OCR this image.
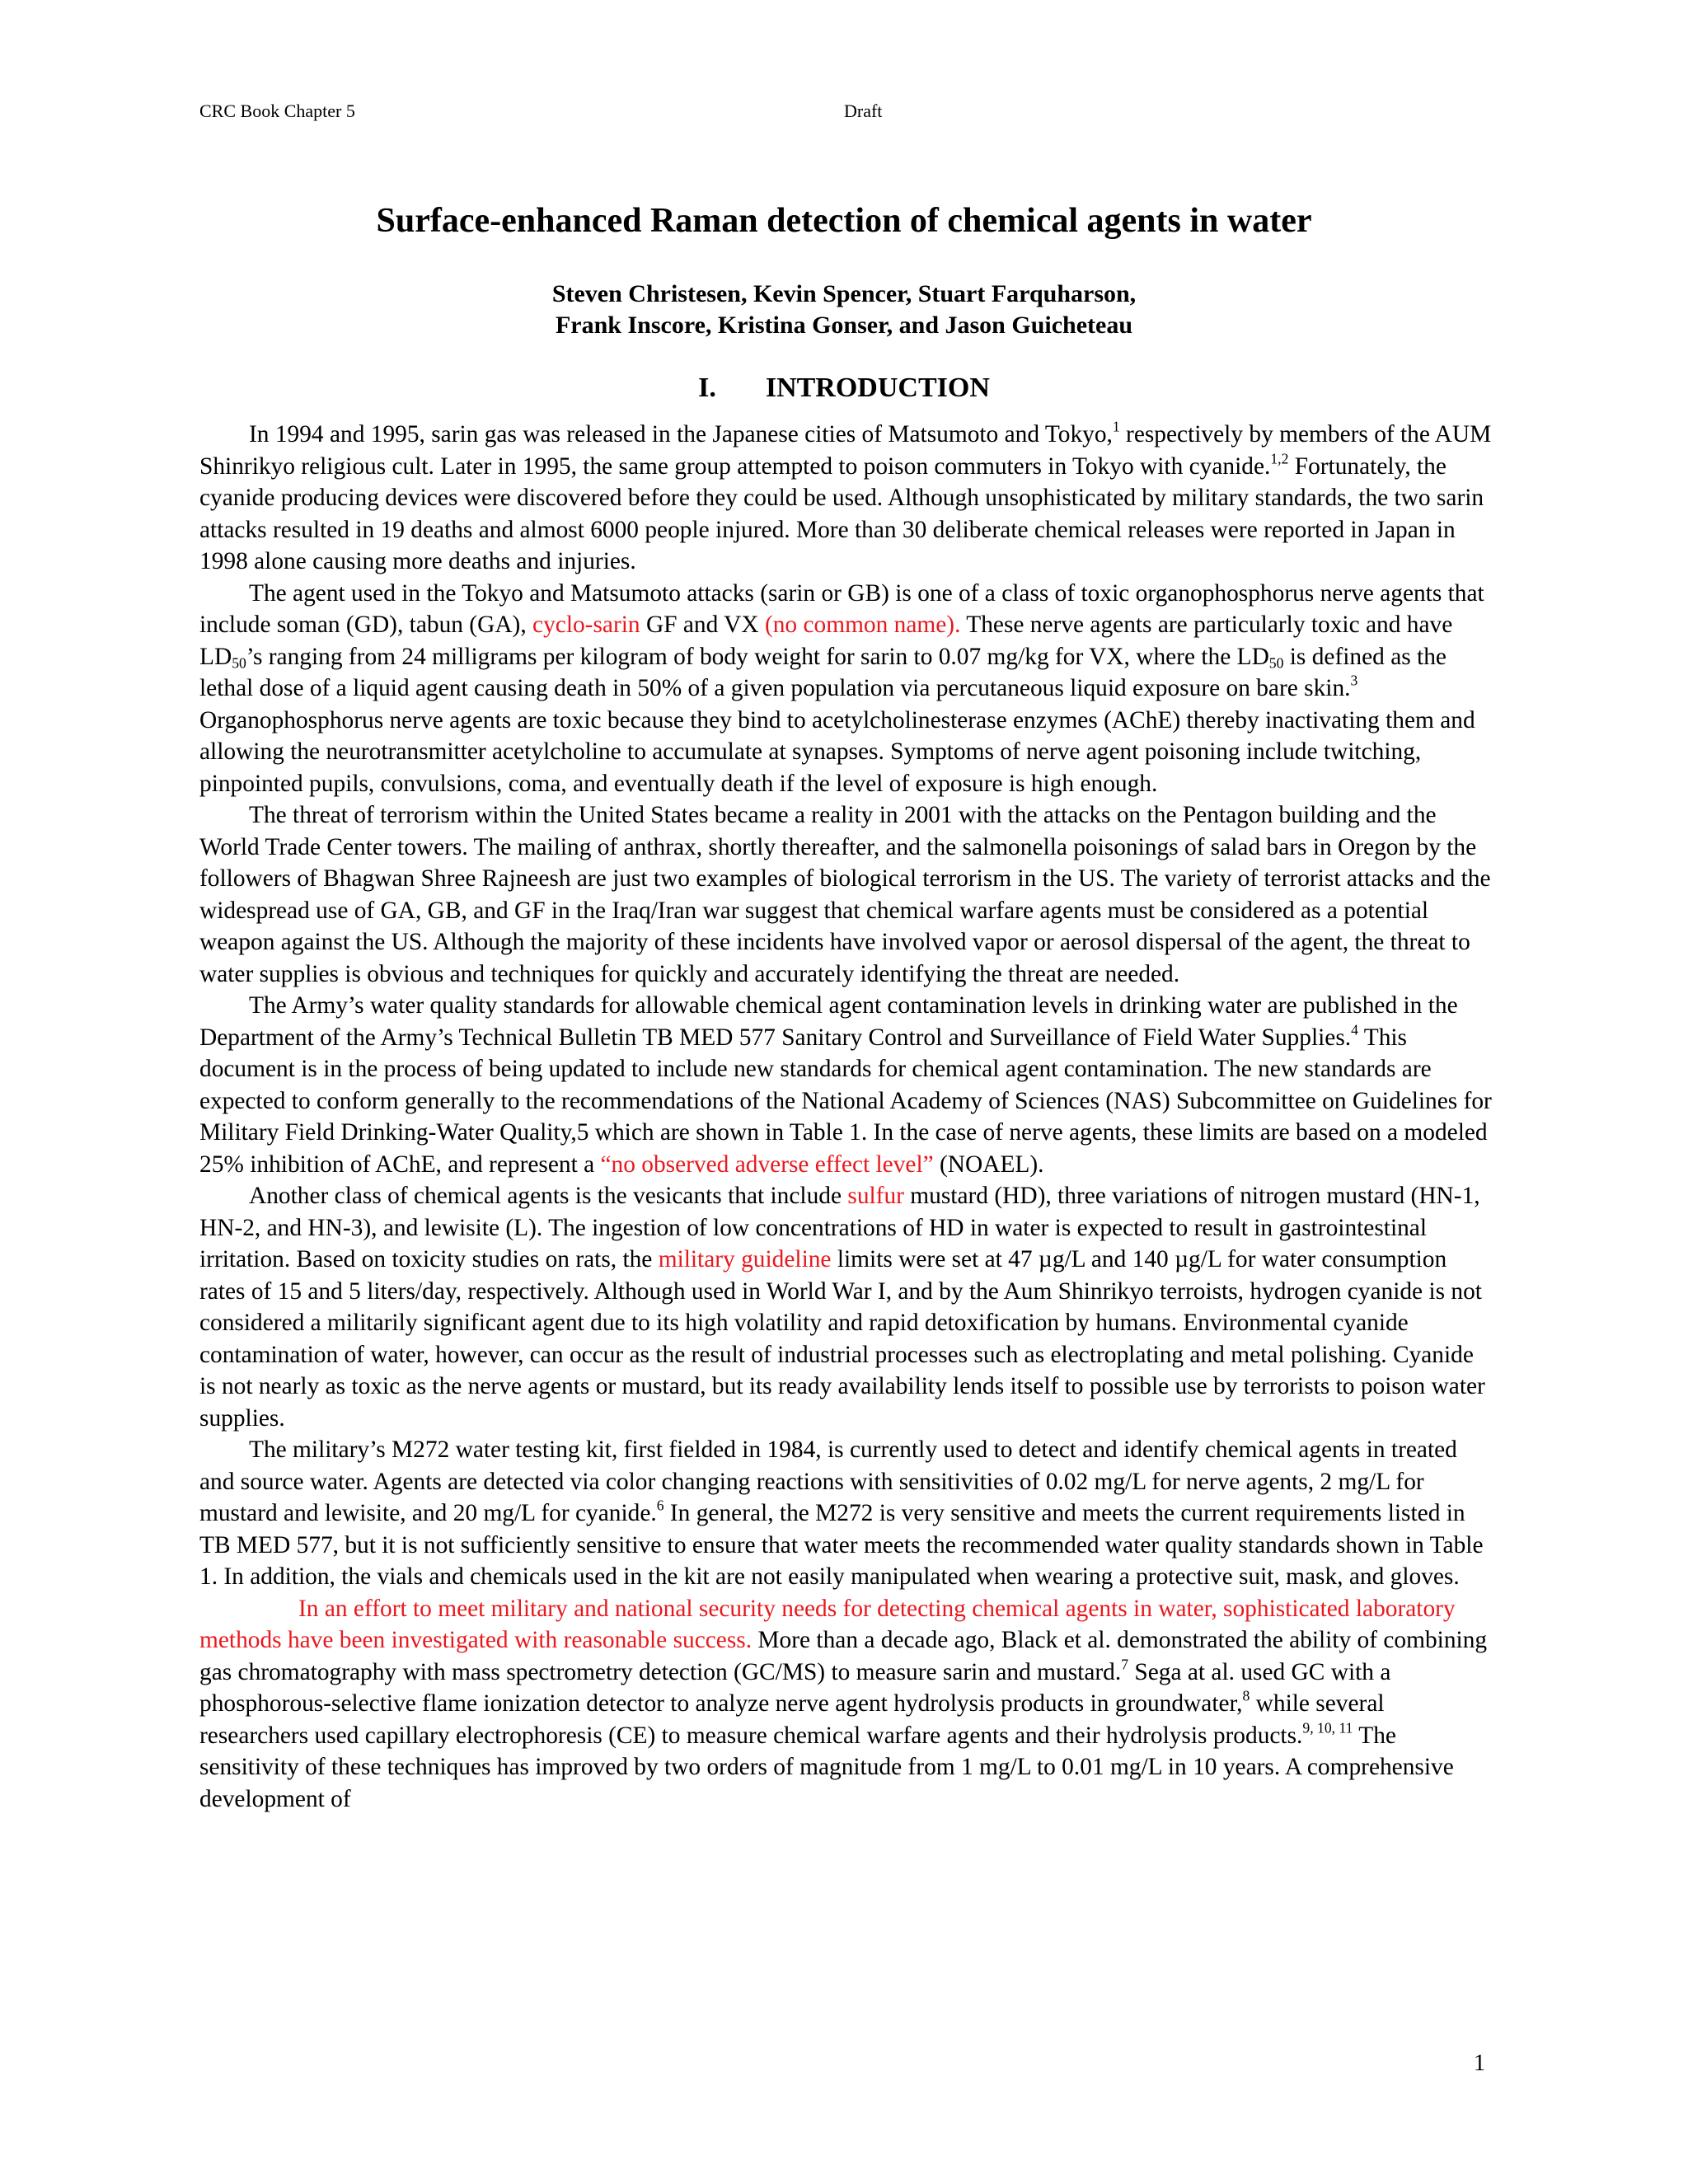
CRC Book Chapter 5	Draft
Surface-enhanced Raman detection of chemical agents in water
Steven Christesen, Kevin Spencer, Stuart Farquharson,
Frank Inscore, Kristina Gonser, and Jason Guicheteau
I. INTRODUCTION

In 1994 and 1995, sarin gas was released in the Japanese cities of Matsumoto and Tokyo,$^1$ respectively by members of the AUM Shinrikyo religious cult. Later in 1995, the same group attempted to poison commuters in Tokyo with cyanide.$^{1,2}$ Fortunately, the cyanide producing devices were discovered before they could be used. Although unsophisticated by military standards, the two sarin attacks resulted in 19 deaths and almost 6000 people injured. More than 30 deliberate chemical releases were reported in Japan in 1998 alone causing more deaths and injuries.

The agent used in the Tokyo and Matsumoto attacks (sarin or GB) is one of a class of toxic organophosphorus nerve agents that include soman (GD), tabun (GA), cyclo-sarin GF and VX (no common name). These nerve agents are particularly toxic and have $LD_{50}’s$ ranging from 24 milligrams per kilogram of body weight for sarin to 0.07 mg/kg for VX, where the $LD_{50}$ is defined as the lethal dose of a liquid agent causing death in 50% of a given population via percutaneous liquid exposure on bare skin.$^3$ Organophosphorus nerve agents are toxic because they bind to acetylcholinesterase enzymes (AChE) thereby inactivating them and allowing the neurotransmitter acetylcholine to accumulate at synapses. Symptoms of nerve agent poisoning include twitching, pinpointed pupils, convulsions, coma, and eventually death if the level of exposure is high enough.

The threat of terrorism within the United States became a reality in 2001 with the attacks on the Pentagon building and the World Trade Center towers. The mailing of anthrax, shortly thereafter, and the salmonella poisonings of salad bars in Oregon by the followers of Bhagwan Shree Rajneesh are just two examples of biological terrorism in the US. The variety of terrorist attacks and the widespread use of GA, GB, and GF in the Iraq/Iran war suggest that chemical warfare agents must be considered as a potential weapon against the US. Although the majority of these incidents have involved vapor or aerosol dispersal of the agent, the threat to water supplies is obvious and techniques for quickly and accurately identifying the threat are needed.

The Army’s water quality standards for allowable chemical agent contamination levels in drinking water are published in the Department of the Army’s Technical Bulletin TB MED 577 Sanitary Control and Surveillance of Field Water Supplies.$^4$ This document is in the process of being updated to include new standards for chemical agent contamination. The new standards are expected to conform generally to the recommendations of the National Academy of Sciences (NAS) Subcommittee on Guidelines for Military Field Drinking-Water Quality,5 which are shown in Table 1. In the case of nerve agents, these limits are based on a modeled 25% inhibition of AChE, and represent a “no observed adverse effect level” (NOAEL).

Another class of chemical agents is the vesicants that include sulfur mustard (HD), three variations of nitrogen mustard (HN-1, HN-2, and HN-3), and lewisite (L). The ingestion of low concentrations of HD in water is expected to result in gastrointestinal irritation. Based on toxicity studies on rats, the military guideline limits were set at 47 µg/L and 140 µg/L for water consumption rates of 15 and 5 liters/day, respectively. Although used in World War I, and by the Aum Shinrikyo terroists, hydrogen cyanide is not considered a militarily significant agent due to its high volatility and rapid detoxification by humans. Environmental cyanide contamination of water, however, can occur as the result of industrial processes such as electroplating and metal polishing. Cyanide is not nearly as toxic as the nerve agents or mustard, but its ready availability lends itself to possible use by terrorists to poison water supplies.

The military’s M272 water testing kit, first fielded in 1984, is currently used to detect and identify chemical agents in treated and source water. Agents are detected via color changing reactions with sensitivities of 0.02 mg/L for nerve agents, 2 mg/L for mustard and lewisite, and 20 mg/L for cyanide.$^6$ In general, the M272 is very sensitive and meets the current requirements listed in TB MED 577, but it is not sufficiently sensitive to ensure that water meets the recommended water quality standards shown in Table 1. In addition, the vials and chemicals used in the kit are not easily manipulated when wearing a protective suit, mask, and gloves.

In an effort to meet military and national security needs for detecting chemical agents in water, sophisticated laboratory methods have been investigated with reasonable success. More than a decade ago, Black et al. demonstrated the ability of combining gas chromatography with mass spectrometry detection (GC/MS) to measure sarin and mustard.$^7$ Sega at al. used GC with a phosphorous-selective flame ionization detector to analyze nerve agent hydrolysis products in groundwater,$^8$ while several researchers used capillary electrophoresis (CE) to measure chemical warfare agents and their hydrolysis products.$^{9, 10, 11}$ The sensitivity of these techniques has improved by two orders of magnitude from 1 mg/L to 0.01 mg/L in 10 years. A comprehensive development of

1
